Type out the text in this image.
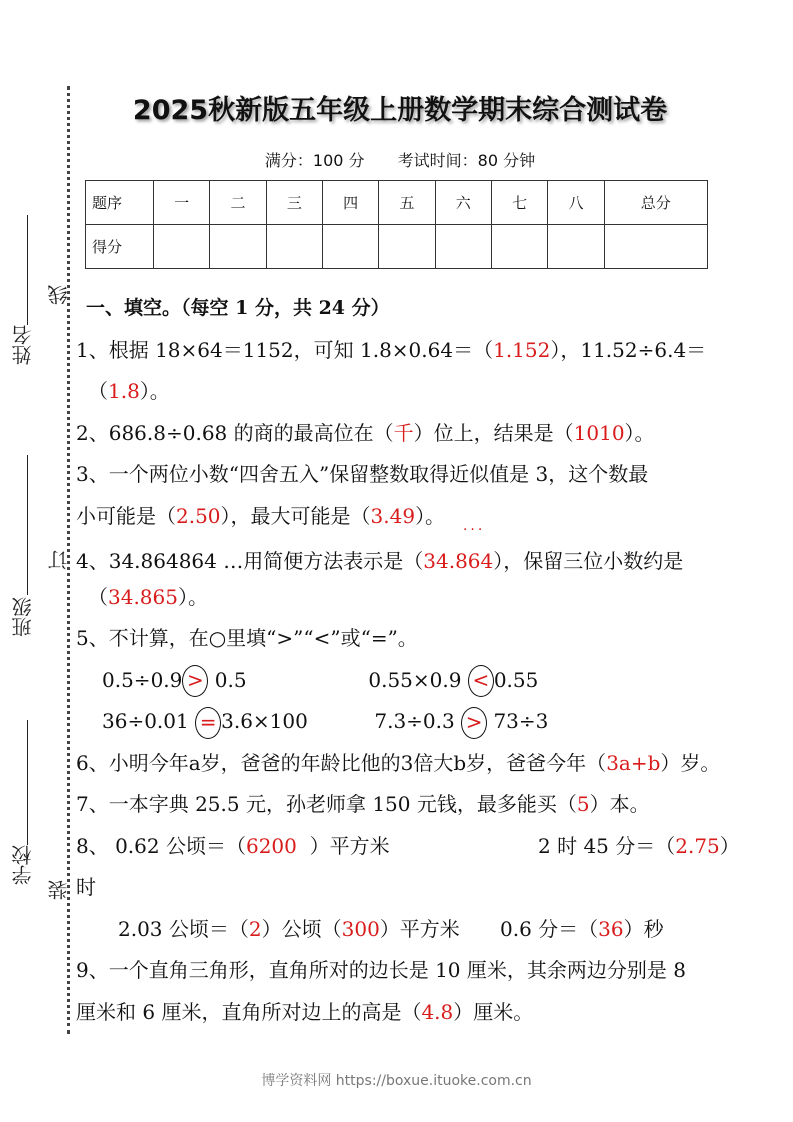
姓名
班级
学校
线
订
装
2025秋新版五年级上册数学期末综合测试卷
满分：100 分 考试时间：80 分钟
题序	一	二	三	四	五	六	七	八	总分
得分									
一、填空。（每空 1 分，共 24 分）
1、根据 18×64＝1152，可知 1.8×0.64＝（1.152），11.52÷6.4＝
（1.8）。
2、686.8÷0.68 的商的最高位在（千）位上，结果是（1010）。
3、一个两位小数“四舍五入”保留整数取得近似值是 3，这个数最
小可能是（2.50），最大可能是（3.49）。
4、34.864864 …用简便方法表示是（34.
···
864），保留三位小数约是
（34.865）。
5、不计算，在○里填“>”“<”或“=”。
0.5÷0.9 > 0.5	0.55×0.9 < 0.55
36÷0.01 = 3.6×100	7.3÷0.3 > 73÷3
6、小明今年a岁，爸爸的年龄比他的3倍大b岁，爸爸今年（3a+b）岁。
7、一本字典 25.5 元，孙老师拿 150 元钱，最多能买（5）本。
8、 0.62 公顷＝（6200  ）平方米	2 时 45 分＝（2.75）
时
2.03 公顷＝（2）公顷（300）平方米 0.6 分＝（36）秒
9、一个直角三角形，直角所对的边长是 10 厘米，其余两边分别是 8
厘米和 6 厘米，直角所对边上的高是（4.8）厘米。
博学资料网 https://boxue.ituoke.com.cn
